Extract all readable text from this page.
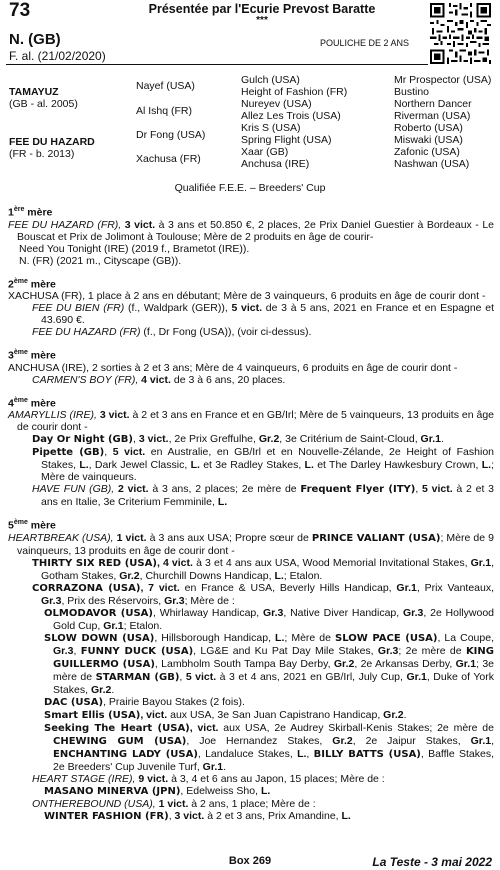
73	Présentée par l'Ecurie Prevost Baratte
***
N. (GB)
F. al. (21/02/2020)
POULICHE DE 2 ANS
TAMAYUZ
(GB - al. 2005)
FEE DU HAZARD
(FR - b. 2013)
Nayef (USA)
Al Ishq (FR)
Dr Fong (USA)
Xachusa (FR)
Gulch (USA)
Height of Fashion (FR)
Nureyev (USA)
Allez Les Trois (USA)
Kris S (USA)
Spring Flight (USA)
Xaar (GB)
Anchusa (IRE)
Mr Prospector (USA)
Bustino
Northern Dancer
Riverman (USA)
Roberto (USA)
Miswaki (USA)
Zafonic (USA)
Nashwan (USA)
Qualifiée F.E.E. – Breeders' Cup
1ère mère
FEE DU HAZARD (FR), 3 vict. à 3 ans et 50.850 €, 2 places, 2e Prix Daniel Guestier à Bordeaux - Le Bouscat et Prix de Jolimont à Toulouse; Mère de 2 produits en âge de courir-
Need You Tonight (IRE) (2019 f., Brametot (IRE)).
N. (FR) (2021 m., Cityscape (GB)).
2ème mère
XACHUSA (FR), 1 place à 2 ans en débutant; Mère de 3 vainqueurs, 6 produits en âge de courir dont -
FEE DU BIEN (FR) (f., Waldpark (GER)), 5 vict. de 3 à 5 ans, 2021 en France et en Espagne et 43.690 €.
FEE DU HAZARD (FR) (f., Dr Fong (USA)), (voir ci-dessus).
3ème mère
ANCHUSA (IRE), 2 sorties à 2 et 3 ans; Mère de 4 vainqueurs, 6 produits en âge de courir dont -
CARMEN'S BOY (FR), 4 vict. de 3 à 6 ans, 20 places.
4ème mère
AMARYLLIS (IRE), 3 vict. à 2 et 3 ans en France et en GB/Irl; Mère de 5 vainqueurs, 13 produits en âge de courir dont -
Day Or Night (GB), 3 vict., 2e Prix Greffulhe, Gr.2, 3e Critérium de Saint-Cloud, Gr.1.
Pipette (GB), 5 vict. en Australie, en GB/Irl et en Nouvelle-Zélande, 2e Height of Fashion Stakes, L., Dark Jewel Classic, L. et 3e Radley Stakes, L. et The Darley Hawkesbury Crown, L.; Mère de vainqueurs.
HAVE FUN (GB), 2 vict. à 3 ans, 2 places; 2e mère de Frequent Flyer (ITY), 5 vict. à 2 et 3 ans en Italie, 3e Criterium Femminile, L.
5ème mère
HEARTBREAK (USA), 1 vict. à 3 ans aux USA; Propre sœur de PRINCE VALIANT (USA); Mère de 9 vainqueurs, 13 produits en âge de courir dont -
THIRTY SIX RED (USA), 4 vict. à 3 et 4 ans aux USA, Wood Memorial Invitational Stakes, Gr.1, Gotham Stakes, Gr.2, Churchill Downs Handicap, L.; Etalon.
CORRAZONA (USA), 7 vict. en France & USA, Beverly Hills Handicap, Gr.1, Prix Vanteaux, Gr.3, Prix des Réservoirs, Gr.3; Mère de :
OLMODAVOR (USA), Whirlaway Handicap, Gr.3, Native Diver Handicap, Gr.3, 2e Hollywood Gold Cup, Gr.1; Etalon.
SLOW DOWN (USA), Hillsborough Handicap, L.; Mère de SLOW PACE (USA), La Coupe, Gr.3, FUNNY DUCK (USA), LG&E and Ku Pat Day Mile Stakes, Gr.3; 2e mère de KING GUILLERMO (USA), Lambholm South Tampa Bay Derby, Gr.2, 2e Arkansas Derby, Gr.1; 3e mère de STARMAN (GB), 5 vict. à 3 et 4 ans, 2021 en GB/Irl, July Cup, Gr.1, Duke of York Stakes, Gr.2.
DAC (USA), Prairie Bayou Stakes (2 fois).
Smart Ellis (USA), vict. aux USA, 3e San Juan Capistrano Handicap, Gr.2.
Seeking The Heart (USA), vict. aux USA, 2e Audrey Skirball-Kenis Stakes; 2e mère de CHEWING GUM (USA), Joe Hernandez Stakes, Gr.2, 2e Jaipur Stakes, Gr.1, ENCHANTING LADY (USA), Landaluce Stakes, L., BILLY BATTS (USA), Baffle Stakes, 2e Breeders' Cup Juvenile Turf, Gr.1.
HEART STAGE (IRE), 9 vict. à 3, 4 et 6 ans au Japon, 15 places; Mère de :
MASANO MINERVA (JPN), Edelweiss Sho, L.
ONTHEREBOUND (USA), 1 vict. à 2 ans, 1 place; Mère de :
WINTER FASHION (FR), 3 vict. à 2 et 3 ans, Prix Amandine, L.
Box 269	La Teste - 3 mai 2022
